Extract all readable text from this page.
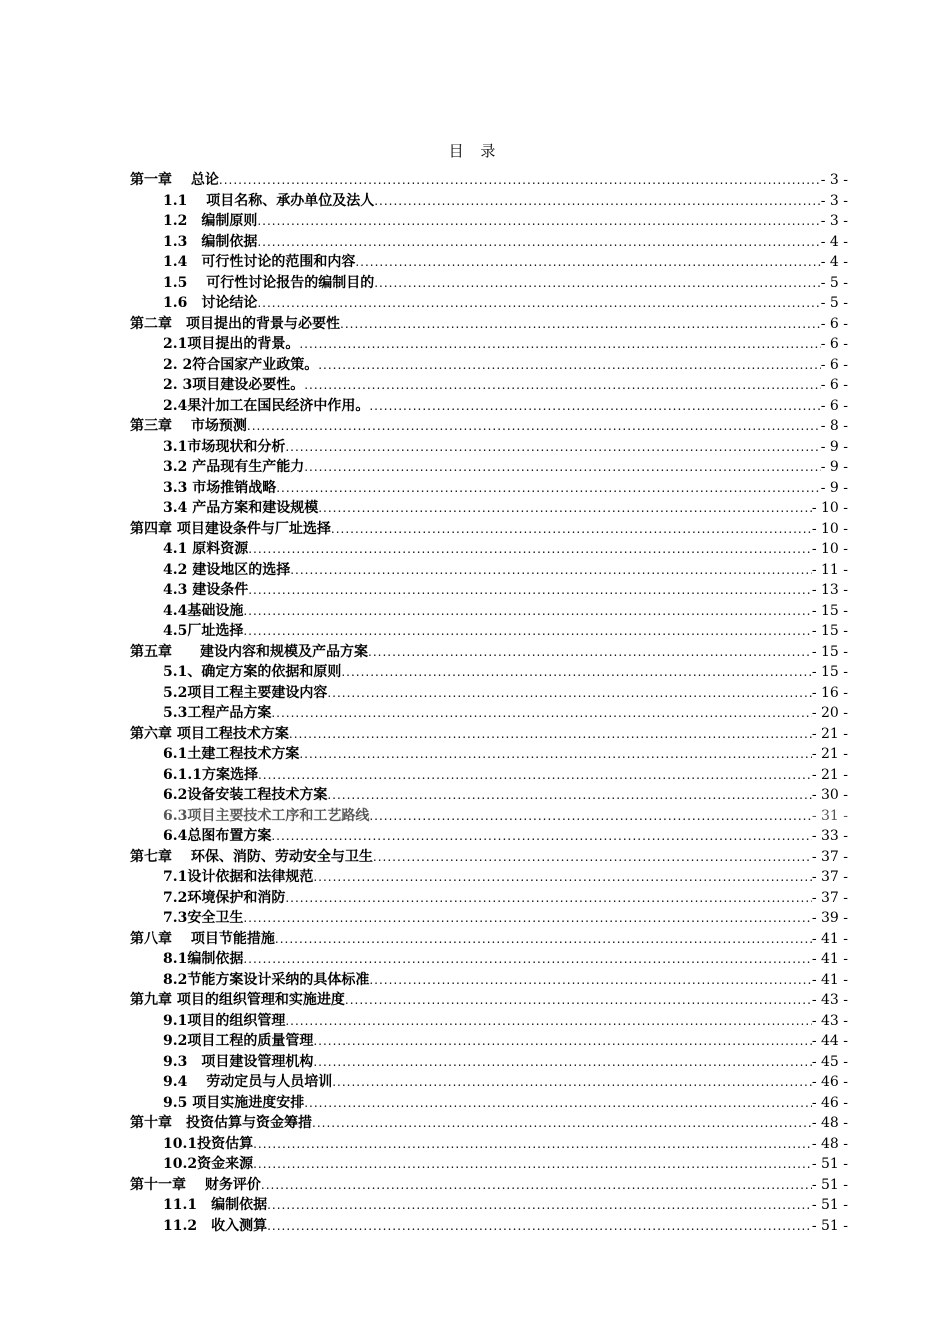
目 录
第一章　 总论 .....	- 3 -
1.1　 项目名称、承办单位及法人 .....	- 3 -
1.2　编制原则 .....	- 3 -
1.3　编制依据 .....	- 4 -
1.4　可行性讨论的范围和内容 .....	- 4 -
1.5　 可行性讨论报告的编制目的 .....	- 5 -
1.6　讨论结论 .....	- 5 -
第二章　项目提出的背景与必要性 .....	- 6 -
2.1项目提出的背景。 .....	- 6 -
2. 2符合国家产业政策。 .....	- 6 -
2. 3项目建设必要性。 .....	- 6 -
2.4果汁加工在国民经济中作用。 .....	- 6 -
第三章　 市场预测 .....	- 8 -
3.1市场现状和分析 .....	- 9 -
3.2 产品现有生产能力 .....	- 9 -
3.3 市场推销战略 .....	- 9 -
3.4 产品方案和建设规模 .....	- 10 -
第四章 项目建设条件与厂址选择 .....	- 10 -
4.1 原料资源 .....	- 10 -
4.2 建设地区的选择 .....	- 11 -
4.3 建设条件 .....	- 13 -
4.4基础设施 .....	- 15 -
4.5厂址选择 .....	- 15 -
第五章　　建设内容和规模及产品方案 .....	- 15 -
5.1、确定方案的依据和原则 .....	- 15 -
5.2项目工程主要建设内容 .....	- 16 -
5.3工程产品方案 .....	- 20 -
第六章 项目工程技术方案 .....	- 21 -
6.1土建工程技术方案 .....	- 21 -
6.1.1方案选择 .....	- 21 -
6.2设备安装工程技术方案 .....	- 30 -
6.3项目主要技术工序和工艺路线 .....	- 31 -
6.4总图布置方案 .....	- 33 -
第七章　 环保、消防、劳动安全与卫生 .....	- 37 -
7.1设计依据和法律规范 .....	- 37 -
7.2环境保护和消防 .....	- 37 -
7.3安全卫生 .....	- 39 -
第八章　 项目节能措施 .....	- 41 -
8.1编制依据 .....	- 41 -
8.2节能方案设计采纳的具体标准 .....	- 41 -
第九章 项目的组织管理和实施进度 .....	- 43 -
9.1项目的组织管理 .....	- 43 -
9.2项目工程的质量管理 .....	- 44 -
9.3　项目建设管理机构 .....	- 45 -
9.4　 劳动定员与人员培训 .....	- 46 -
9.5 项目实施进度安排 .....	- 46 -
第十章　投资估算与资金筹措 .....	- 48 -
10.1投资估算 .....	- 48 -
10.2资金来源 .....	- 51 -
第十一章　 财务评价 .....	- 51 -
11.1　编制依据 .....	- 51 -
11.2　收入测算 .....	- 51 -
